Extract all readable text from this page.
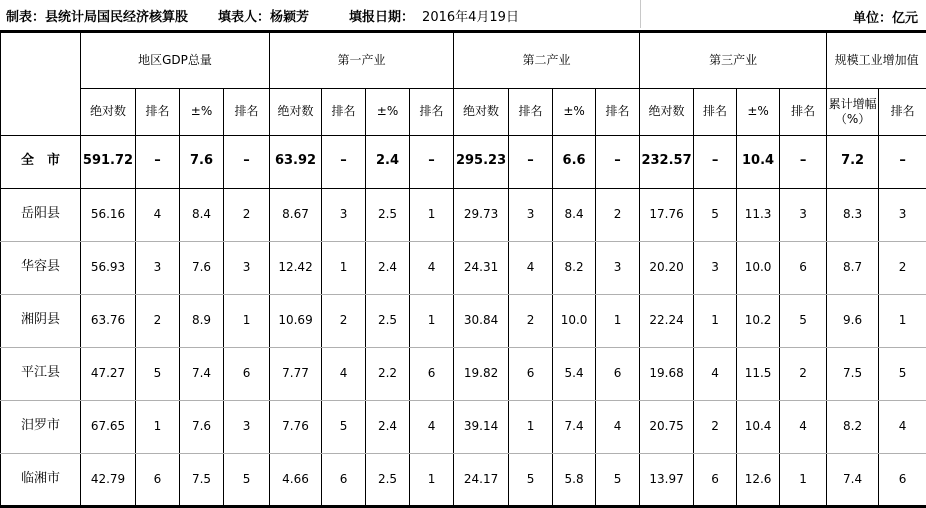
制表：县统计局国民经济核算股 填表人：杨颖芳	填报日期： 2016年4月19日	单位：亿元
	地区GDP总量				第一产业				第二产业				第三产业				规模工业增加值	
	绝对数	排名	±%	排名	绝对数	排名	±%	排名	绝对数	排名	±%	排名	绝对数	排名	±%	排名	累计增幅（%）	排名
全　市	591.72	–	7.6	–	63.92	–	2.4	–	295.23	–	6.6	–	232.57	–	10.4	–	7.2	–
岳阳县	56.16	4	8.4	2	8.67	3	2.5	1	29.73	3	8.4	2	17.76	5	11.3	3	8.3	3
华容县	56.93	3	7.6	3	12.42	1	2.4	4	24.31	4	8.2	3	20.20	3	10.0	6	8.7	2
湘阴县	63.76	2	8.9	1	10.69	2	2.5	1	30.84	2	10.0	1	22.24	1	10.2	5	9.6	1
平江县	47.27	5	7.4	6	7.77	4	2.2	6	19.82	6	5.4	6	19.68	4	11.5	2	7.5	5
汨罗市	67.65	1	7.6	3	7.76	5	2.4	4	39.14	1	7.4	4	20.75	2	10.4	4	8.2	4
临湘市	42.79	6	7.5	5	4.66	6	2.5	1	24.17	5	5.8	5	13.97	6	12.6	1	7.4	6
